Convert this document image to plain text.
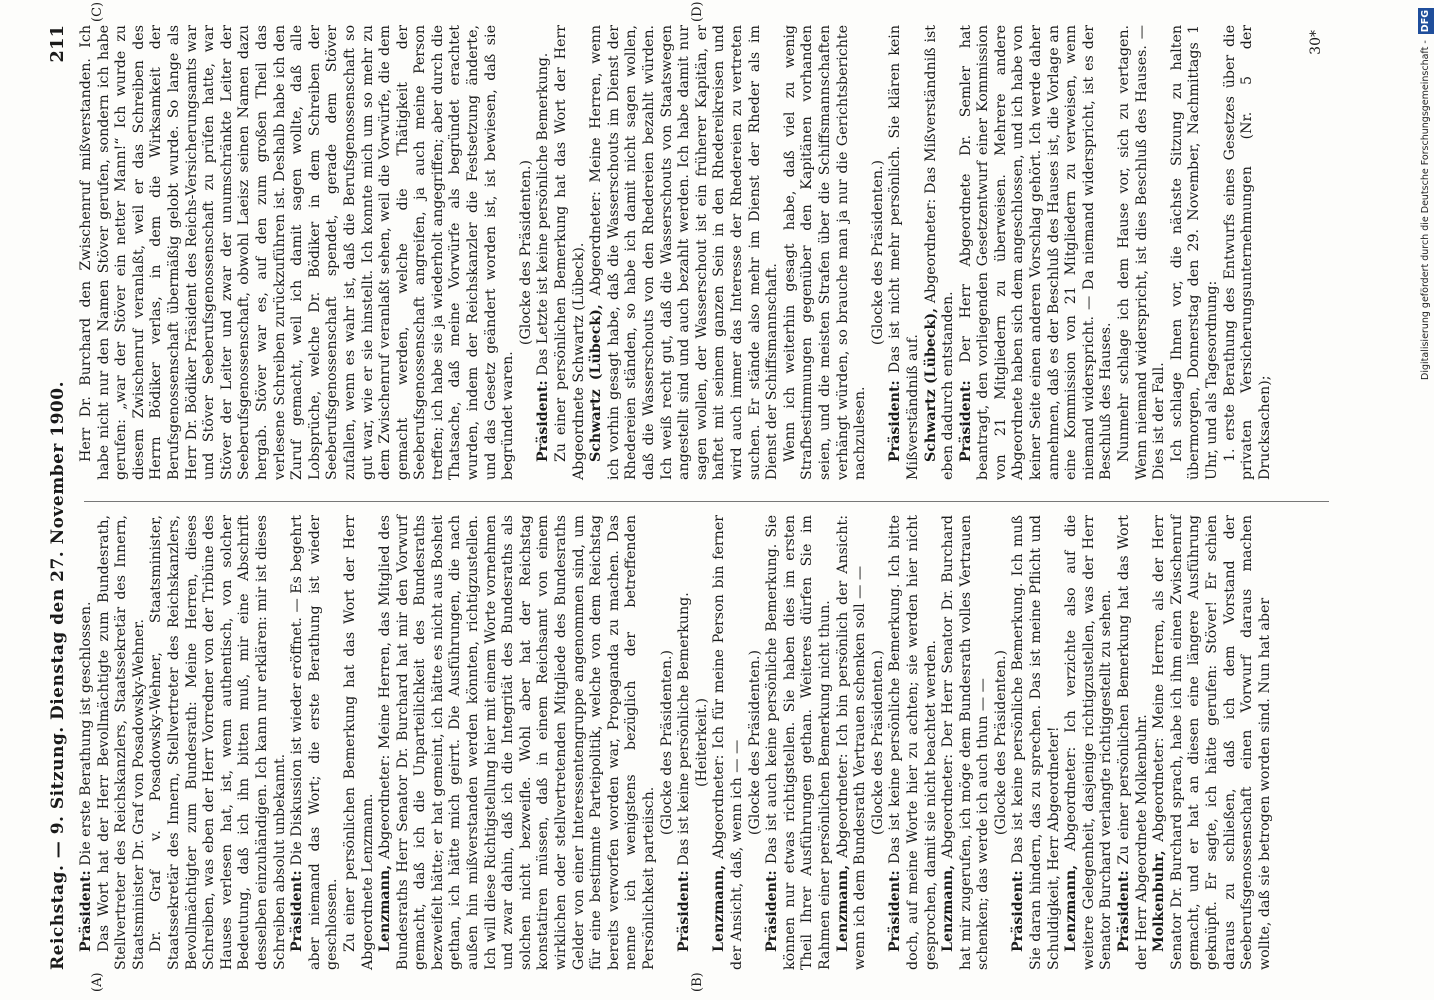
Reichstag. — 9. Sitzung. Dienstag den 27. November 1900.
211
(A)	(B)
(C)	(D)

Präsident: Die erste Berathung ist geschlossen. Das Wort hat der Herr Bevollmächtigte zum Bundesrath, Stellvertreter des Reichskanzlers, Staatssekretär des Innern, Staatsminister Dr. Graf von Posadowsky-Wehner. Dr. Graf v. Posadowsky-Wehner, Staatsminister, Staatssekretär des Innern, Stellvertreter des Reichskanzlers, Bevollmächtigter zum Bundesrath: Meine Herren, dieses Schreiben, was eben der Herr Vorredner von der Tribüne des Hauses verlesen hat, ist, wenn authentisch, von solcher Bedeutung, daß ich ihn bitten muß, mir eine Abschrift desselben einzuhändigen. Ich kann nur erklären: mir ist dieses Schreiben absolut unbekannt. Präsident: Die Diskussion ist wieder eröffnet. — Es begehrt aber niemand das Wort; die erste Berathung ist wieder geschlossen. Zu einer persönlichen Bemerkung hat das Wort der Herr Abgeordnete Lenzmann. Lenzmann, Abgeordneter: Meine Herren, das Mitglied des Bundesraths Herr Senator Dr. Burchard hat mir den Vorwurf gemacht, daß ich die Unparteilichkeit des Bundesraths bezweifelt hätte; er hat gemeint, ich hätte es nicht aus Bosheit gethan, ich hätte mich geirrt. Die Ausführungen, die nach außen hin mißverstanden werden könnten, richtigzustellen. Ich will diese Richtigstellung hier mit einem Worte vornehmen und zwar dahin, daß ich die Integrität des Bundesraths als solchen nicht bezweifle. Wohl aber hat der Reichstag konstatiren müssen, daß in einem Reichsamt von einem wirklichen oder stellvertretenden Mitgliede des Bundesraths Gelder von einer Interessentengruppe angenommen sind, um für eine bestimmte Parteipolitik, welche von dem Reichstag bereits verworfen worden war, Propaganda zu machen. Das nenne ich wenigstens bezüglich der betreffenden Persönlichkeit parteiisch.

(Glocke des Präsidenten.)

Präsident: Das ist keine persönliche Bemerkung. (Heiterkeit.)

Lenzmann, Abgeordneter: Ich für meine Person bin ferner der Ansicht, daß, wenn ich — — (Glocke des Präsidenten.)

Präsident: Das ist auch keine persönliche Bemerkung. Sie können nur etwas richtigstellen. Sie haben dies im ersten Theil Ihrer Ausführungen gethan. Weiteres dürfen Sie im Rahmen einer persönlichen Bemerkung nicht thun. Lenzmann, Abgeordneter: Ich bin persönlich der Ansicht: wenn ich dem Bundesrath Vertrauen schenken soll — — (Glocke des Präsidenten.)

Präsident: Das ist keine persönliche Bemerkung. Ich bitte doch, auf meine Worte hier zu achten; sie werden hier nicht gesprochen, damit sie nicht beachtet werden. Lenzmann, Abgeordneter: Der Herr Senator Dr. Burchard hat mir zugerufen, ich möge dem Bundesrath volles Vertrauen schenken; das werde ich auch thun — — (Glocke des Präsidenten.)

Präsident: Das ist keine persönliche Bemerkung. Ich muß Sie daran hindern, das zu sprechen. Das ist meine Pflicht und Schuldigkeit, Herr Abgeordneter! Lenzmann, Abgeordneter: Ich verzichte also auf die weitere Gelegenheit, dasjenige richtigzustellen, was der Herr Senator Burchard verlangte richtiggestellt zu sehen. Präsident: Zu einer persönlichen Bemerkung hat das Wort der Herr Abgeordnete Molkenbuhr. Molkenbuhr, Abgeordneter: Meine Herren, als der Herr Senator Dr. Burchard sprach, habe ich ihm einen Zwischenruf gemacht, und er hat an diesen eine längere Ausführung geknüpft. Er sagte, ich hätte gerufen: Stöver! Er schien daraus zu schließen, daß ich dem Vorstand der Seeberufsgenossenschaft einen Vorwurf daraus machen wollte, daß sie betrogen worden sind. Nun hat aber

Herr Dr. Burchard den Zwischenruf mißverstanden. Ich habe nicht nur den Namen Stöver gerufen, sondern ich habe gerufen: „war der Stöver ein netter Mann!“ Ich wurde zu diesem Zwischenruf veranlaßt, weil er das Schreiben des Herrn Bödiker verlas, in dem die Wirksamkeit der Berufsgenossenschaft übermäßig gelobt wurde. So lange als Herr Dr. Bödiker Präsident des Reichs-Versicherungsamts war und Stöver Seeberufsgenossenschaft zu prüfen hatte, war Stöver der Leiter und zwar der unumschränkte Leiter der Seeberufsgenossenschaft, obwohl Laeisz seinen Namen dazu hergab. Stöver war es, auf den zum großen Theil das verlesene Schreiben zurückzuführen ist. Deshalb habe ich den Zuruf gemacht, weil ich damit sagen wollte, daß alle Lobsprüche, welche Dr. Bödiker in dem Schreiben der Seeberufsgenossenschaft spendet, gerade dem Stöver zufallen, wenn es wahr ist, daß die Berufsgenossenschaft so gut war, wie er sie hinstellt. Ich konnte mich um so mehr zu dem Zwischenruf veranlaßt sehen, weil die Vorwürfe, die dem gemacht werden, welche die Thätigkeit der Seeberufsgenossenschaft angreifen, ja auch meine Person treffen; ich habe sie ja wiederholt angegriffen; aber durch die Thatsache, daß meine Vorwürfe als begründet erachtet wurden, indem der Reichskanzler die Festsetzung änderte, und das Gesetz geändert worden ist, ist bewiesen, daß sie begründet waren.

(Glocke des Präsidenten.)

Präsident: Das Letzte ist keine persönliche Bemerkung. Zu einer persönlichen Bemerkung hat das Wort der Herr Abgeordnete Schwartz (Lübeck). Schwartz (Lübeck), Abgeordneter: Meine Herren, wenn ich vorhin gesagt habe, daß die Wasserschouts im Dienst der Rhedereien ständen, so habe ich damit nicht sagen wollen, daß die Wasserschouts von den Rhedereien bezahlt würden. Ich weiß recht gut, daß die Wasserschouts von Staatswegen angestellt sind und auch bezahlt werden. Ich habe damit nur sagen wollen, der Wasserschout ist ein früherer Kapitän, er haftet mit seinem ganzen Sein in den Rhedereikreisen und wird auch immer das Interesse der Rhedereien zu vertreten suchen. Er stände also mehr im Dienst der Rheder als im Dienst der Schiffsmannschaft. Wenn ich weiterhin gesagt habe, daß viel zu wenig Strafbestimmungen gegenüber den Kapitänen vorhanden seien, und die meisten Strafen über die Schiffsmannschaften verhängt würden, so brauche man ja nur die Gerichtsberichte nachzulesen.

(Glocke des Präsidenten.)

Präsident: Das ist nicht mehr persönlich. Sie klären kein Mißverständniß auf. Schwartz (Lübeck), Abgeordneter: Das Mißverständniß ist eben dadurch entstanden. Präsident: Der Herr Abgeordnete Dr. Semler hat beantragt, den vorliegenden Gesetzentwurf einer Kommission von 21 Mitgliedern zu überweisen. Mehrere andere Abgeordnete haben sich dem angeschlossen, und ich habe von keiner Seite einen anderen Vorschlag gehört. Ich werde daher annehmen, daß es der Beschluß des Hauses ist, die Vorlage an eine Kommission von 21 Mitgliedern zu verweisen, wenn niemand widerspricht. — Da niemand widerspricht, ist es der Beschluß des Hauses. Nunmehr schlage ich dem Hause vor, sich zu vertagen. Wenn niemand widerspricht, ist dies Beschluß des Hauses. — Dies ist der Fall. Ich schlage Ihnen vor, die nächste Sitzung zu halten übermorgen, Donnerstag den 29. November, Nachmittags 1 Uhr, und als Tagesordnung: 1. erste Berathung des Entwurfs eines Gesetzes über die privaten Versicherungsunternehmungen (Nr. 5 der Drucksachen);

30*	Digitalisierung gefördert durch die Deutsche Forschungsgemeinschaft - DFG
